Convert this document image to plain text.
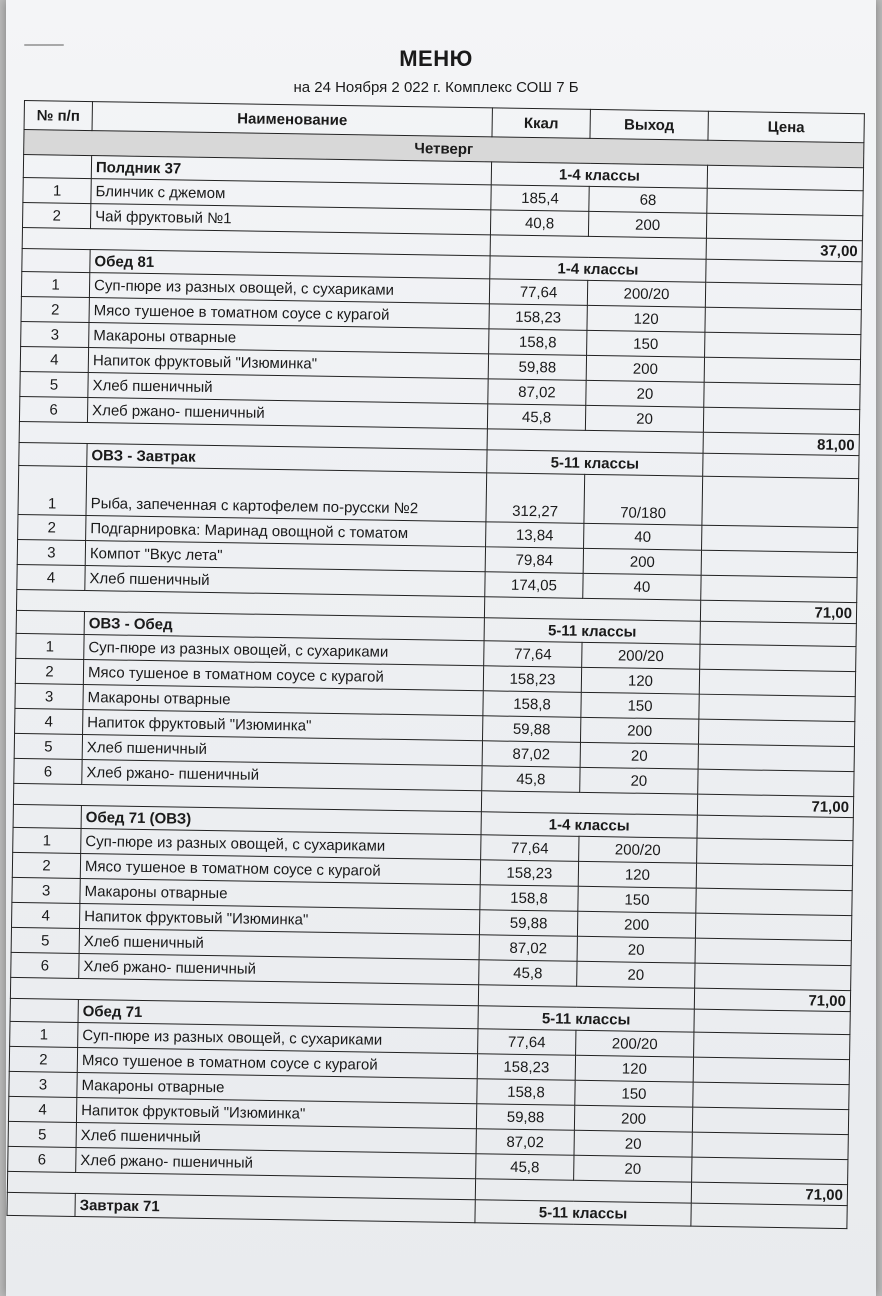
МЕНЮ
на 24 Ноября 2 022 г. Комплекс СОШ 7 Б
№ п/п	Наименование	Ккал	Выход	Цена
Четверг				
	Полдник 37	1-4 классы		
1	Блинчик с джемом	185,4	68	
2	Чай фруктовый №1	40,8	200	
				37,00
	Обед 81	1-4 классы		
1	Суп-пюре из разных овощей, с сухариками	77,64	200/20	
2	Мясо тушеное в томатном соусе с курагой	158,23	120	
3	Макароны отварные	158,8	150	
4	Напиток фруктовый "Изюминка"	59,88	200	
5	Хлеб пшеничный	87,02	20	
6	Хлеб ржано- пшеничный	45,8	20	
				81,00
	ОВЗ - Завтрак	5-11 классы		
1	Рыба, запеченная с картофелем по-русски №2	312,27	70/180	
2	Подгарнировка: Маринад овощной с томатом	13,84	40	
3	Компот "Вкус лета"	79,84	200	
4	Хлеб пшеничный	174,05	40	
				71,00
	ОВЗ - Обед	5-11 классы		
1	Суп-пюре из разных овощей, с сухариками	77,64	200/20	
2	Мясо тушеное в томатном соусе с курагой	158,23	120	
3	Макароны отварные	158,8	150	
4	Напиток фруктовый "Изюминка"	59,88	200	
5	Хлеб пшеничный	87,02	20	
6	Хлеб ржано- пшеничный	45,8	20	
				71,00
	Обед 71 (ОВЗ)	1-4 классы		
1	Суп-пюре из разных овощей, с сухариками	77,64	200/20	
2	Мясо тушеное в томатном соусе с курагой	158,23	120	
3	Макароны отварные	158,8	150	
4	Напиток фруктовый "Изюминка"	59,88	200	
5	Хлеб пшеничный	87,02	20	
6	Хлеб ржано- пшеничный	45,8	20	
				71,00
	Обед 71	5-11 классы		
1	Суп-пюре из разных овощей, с сухариками	77,64	200/20	
2	Мясо тушеное в томатном соусе с курагой	158,23	120	
3	Макароны отварные	158,8	150	
4	Напиток фруктовый "Изюминка"	59,88	200	
5	Хлеб пшеничный	87,02	20	
6	Хлеб ржано- пшеничный	45,8	20	
				71,00
	Завтрак 71	5-11 классы		
